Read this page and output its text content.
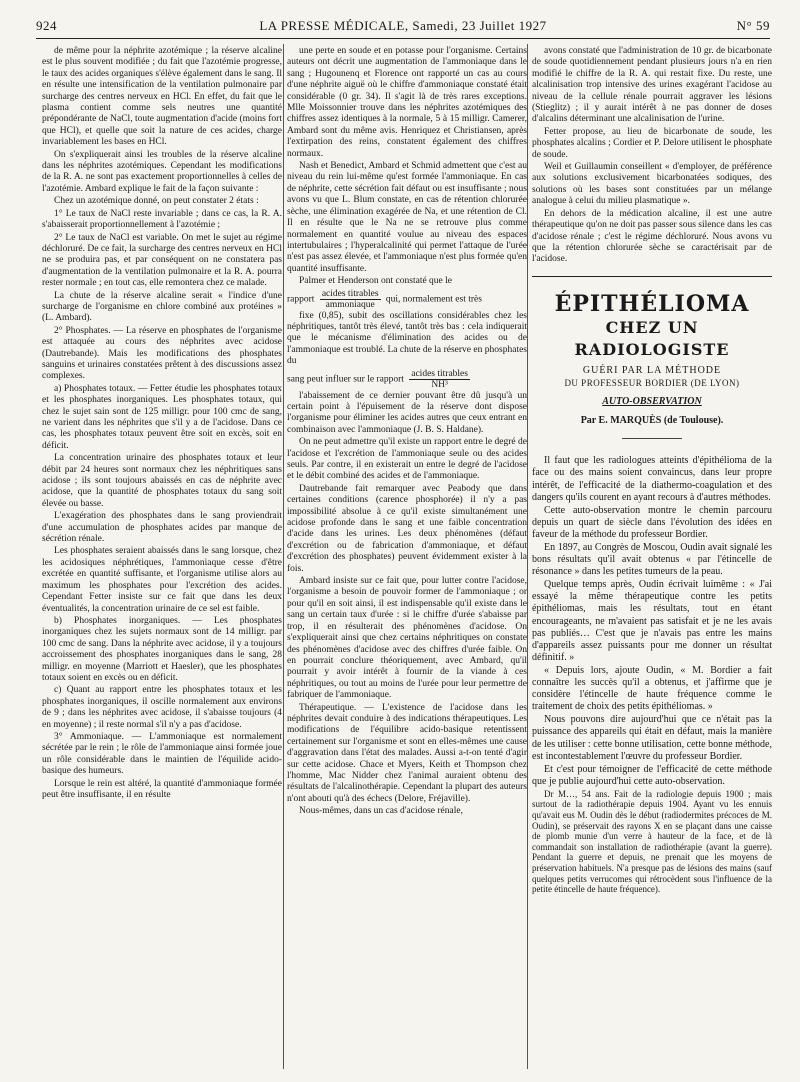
924	LA PRESSE MÉDICALE, Samedi, 23 Juillet 1927	N° 59

de même pour la néphrite azotémique ; la réserve alcaline est le plus souvent modifiée ; du fait que l'azotémie progresse, le taux des acides organiques s'élève également dans le sang. Il en résulte une intensification de la ventilation pulmonaire par surcharge des centres nerveux en HCl. En effet, du fait que le plasma contient comme sels neutres une quantité prépondérante de NaCl, toute augmentation d'acide (moins fort que HCl), et quelle que soit la nature de ces acides, charge invariablement les bases en HCl.

On s'expliquerait ainsi les troubles de la réserve alcaline dans les néphrites azotémiques. Cependant les modifications de la R. A. ne sont pas exactement proportionnelles à celles de l'azotémie. Ambard explique le fait de la façon suivante :

Chez un azotémique donné, on peut constater 2 états :

1° Le taux de NaCl reste invariable ; dans ce cas, la R. A. s'abaisserait proportionnellement à l'azotémie ;

2° Le taux de NaCl est variable. On met le sujet au régime déchloruré. De ce fait, la surcharge des centres nerveux en HCl ne se produira pas, et par conséquent on ne constatera pas d'augmentation de la ventilation pulmonaire et la R. A. pourra rester normale ; en tout cas, elle remontera chez ce malade.

La chute de la réserve alcaline serait « l'indice d'une surcharge de l'organisme en chlore combiné aux protéines » (L. Ambard).

2° Phosphates. — La réserve en phosphates de l'organisme est attaquée au cours des néphrites avec acidose (Dautrebande). Mais les modifications des phosphates sanguins et urinaires constatées prêtent à des discussions assez complexes.

a) Phosphates totaux. — Fetter étudie les phosphates totaux et les phosphates inorganiques. Les phosphates totaux, qui chez le sujet sain sont de 125 milligr. pour 100 cmc de sang, ne varient dans les néphrites que s'il y a de l'acidose. Dans ce cas, les phosphates totaux peuvent être soit en excès, soit en déficit.

La concentration urinaire des phosphates totaux et leur débit par 24 heures sont normaux chez les néphritiques sans acidose ; ils sont toujours abaissés en cas de néphrite avec acidose, que la quantité de phosphates totaux du sang soit élevée ou basse.

L'exagération des phosphates dans le sang proviendrait d'une accumulation de phosphates acides par manque de sécrétion rénale.

Les phosphates seraient abaissés dans le sang lorsque, chez les acidosiques néphrétiques, l'ammoniaque cesse d'être excrétée en quantité suffisante, et l'organisme utilise alors au maximum les phosphates pour l'excrétion des acides. Cependant Fetter insiste sur ce fait que dans les deux éventualités, la concentration urinaire de ce sel est faible.

b) Phosphates inorganiques. — Les phosphates inorganiques chez les sujets normaux sont de 14 milligr. par 100 cmc de sang. Dans la néphrite avec acidose, il y a toujours accroissement des phosphates inorganiques dans le sang, 28 milligr. en moyenne (Marriott et Haesler), que les phosphates totaux soient en excès ou en déficit.

c) Quant au rapport entre les phosphates totaux et les phosphates inorganiques, il oscille normalement aux environs de 9 ; dans les néphrites avec acidose, il s'abaisse toujours (4 en moyenne) ; il reste normal s'il n'y a pas d'acidose.

3° Ammoniaque. — L'ammoniaque est normalement sécrétée par le rein ; le rôle de l'ammoniaque ainsi formée joue un rôle considérable dans le maintien de l'équilide acido-basique des humeurs.

Lorsque le rein est altéré, la quantité d'ammoniaque formée peut être insuffisante, il en résulte

une perte en soude et en potasse pour l'organisme. Certains auteurs ont décrit une augmentation de l'ammoniaque dans le sang ; Hugounenq et Florence ont rapporté un cas au cours d'une néphrite aiguë où le chiffre d'ammoniaque constaté était considérable (0 gr. 34). Il s'agit là de très rares exceptions. Mlle Moissonnier trouve dans les néphrites azotémiques des chiffres assez identiques à la normale, 5 à 15 milligr. Camerer, Ambard sont du même avis. Henriquez et Christiansen, après l'extirpation des reins, constatent également des chiffres normaux.

Nash et Benedict, Ambard et Schmid admettent que c'est au niveau du rein lui-même qu'est formée l'ammoniaque. En cas de néphrite, cette sécrétion fait défaut ou est insuffisante ; nous avons vu que L. Blum constate, en cas de rétention chlorurée sèche, une élimination exagérée de Na, et une rétention de Cl. Il en résulte que le Na ne se retrouve plus comme normalement en quantité voulue au niveau des espaces intertubulaires ; l'hyperalcalinité qui permet l'attaque de l'urée n'est pas assez élevée, et l'ammoniaque n'est plus formée qu'en quantité insuffisante.

Palmer et Henderson ont constaté que le

rapport $\frac{\text{acides titrables}}{\text{ammoniaque}}$ qui, normalement est très

fixe (0,85), subit des oscillations considérables chez les néphritiques, tantôt très élevé, tantôt très bas : cela indiquerait que le mécanisme d'élimination des acides ou de l'ammoniaque est troublé. La chute de la réserve en phosphates du

sang peut influer sur le rapport $\frac{\text{acides titrables}}{\text{NH³}}$

l'abaissement de ce dernier pouvant être dû jusqu'à un certain point à l'épuisement de la réserve dont dispose l'organisme pour éliminer les acides autres que ceux entrant en combinaison avec l'ammoniaque (J. B. S. Haldane).

On ne peut admettre qu'il existe un rapport entre le degré de l'acidose et l'excrétion de l'ammoniaque seule ou des acides seuls. Par contre, il en existerait un entre le degré de l'acidose et le débit combiné des acides et de l'ammoniaque.

Dautrebande fait remarquer avec Peabody que dans certaines conditions (carence phosphorée) il n'y a pas impossibilité absolue à ce qu'il existe simultanément une acidose profonde dans le sang et une faible concentration d'acide dans les urines. Les deux phénomènes (défaut d'excrétion ou de fabrication d'ammoniaque, et défaut d'excrétion des phosphates) peuvent évidemment exister à la fois.

Ambard insiste sur ce fait que, pour lutter contre l'acidose, l'organisme a besoin de pouvoir former de l'ammoniaque ; or pour qu'il en soit ainsi, il est indispensable qu'il existe dans le sang un certain taux d'urée : si le chiffre d'urée s'abaisse par trop, il en résulterait des phénomènes d'acidose. On s'expliquerait ainsi que chez certains néphritiques on constate des phénomènes d'acidose avec des chiffres d'urée faible. On en pourrait conclure théoriquement, avec Ambard, qu'il pourrait y avoir intérêt à fournir de la viande à ces néphritiques, ou tout au moins de l'urée pour leur permettre de fabriquer de l'ammoniaque.

Thérapeutique. — L'existence de l'acidose dans les néphrites devait conduire à des indications thérapeutiques. Les modifications de l'équilibre acido-basique retentissent certainement sur l'organisme et sont en elles-mêmes une cause d'aggravation dans l'état des malades. Aussi a-t-on tenté d'agir sur cette acidose. Chace et Myers, Keith et Thompson chez l'homme, Mac Nidder chez l'animal auraient obtenu des résultats de l'alcalinothérapie. Cependant la plupart des auteurs n'ont abouti qu'à des échecs (Delore, Fréjaville).

Nous-mêmes, dans un cas d'acidose rénale,

avons constaté que l'administration de 10 gr. de bicarbonate de soude quotidiennement pendant plusieurs jours n'a en rien modifié le chiffre de la R. A. qui restait fixe. Du reste, une alcalinisation trop intensive des urines exagérant l'acidose au niveau de la cellule rénale pourrait aggraver les lésions (Stieglitz) ; il y aurait intérêt à ne pas donner de doses d'alcalins déterminant une alcalinisation de l'urine.

Fetter propose, au lieu de bicarbonate de soude, les phosphates alcalins ; Cordier et P. Delore utilisent le phosphate de soude.

Weil et Guillaumin conseillent « d'employer, de préférence aux solutions exclusivement bicarbonatées sodiques, des solutions où les bases sont constituées par un mélange analogue à celui du milieu plasmatique ».

En dehors de la médication alcaline, il est une autre thérapeutique qu'on ne doit pas passer sous silence dans les cas d'acidose rénale ; c'est le régime déchloruré. Nous avons vu que la rétention chlorurée sèche se caractérisait par de l'acidose.

ÉPITHÉLIOMA
CHEZ UN RADIOLOGISTE
GUÉRI PAR LA MÉTHODE
DU PROFESSEUR BORDIER (DE LYON)
AUTO-OBSERVATION
Par E. MARQUÈS (de Toulouse).

Il faut que les radiologues atteints d'épithélioma de la face ou des mains soient convaincus, dans leur propre intérêt, de l'efficacité de la diathermo-coagulation et des dangers qu'ils courent en ayant recours à d'autres méthodes.

Cette auto-observation montre le chemin parcouru depuis un quart de siècle dans l'évolution des idées en faveur de la méthode du professeur Bordier.

En 1897, au Congrès de Moscou, Oudin avait signalé les bons résultats qu'il avait obtenus « par l'étincelle de résonance » dans les petites tumeurs de la peau.

Quelque temps après, Oudin écrivait luimême : « J'ai essayé la même thérapeutique contre les petits épithéliomas, mais les résultats, tout en étant encourageants, ne m'avaient pas satisfait et je ne les avais pas publiés… C'est que je n'avais pas entre les mains d'appareils assez puissants pour me donner un résultat définitif. »

« Depuis lors, ajoute Oudin, « M. Bordier a fait connaître les succès qu'il a obtenus, et j'affirme que je considère l'étincelle de haute fréquence comme le traitement de choix des petits épithéliomas. »

Nous pouvons dire aujourd'hui que ce n'était pas la puissance des appareils qui était en défaut, mais la manière de les utiliser : cette bonne utilisation, cette bonne méthode, est incontestablement l'œuvre du professeur Bordier.

Et c'est pour témoigner de l'efficacité de cette méthode que je publie aujourd'hui cette auto-observation.

Dr M…, 54 ans. Fait de la radiologie depuis 1900 ; mais surtout de la radiothérapie depuis 1904. Ayant vu les ennuis qu'avait eus M. Oudin dès le début (radiodermites précoces de M. Oudin), se préservait des rayons X en se plaçant dans une caisse de plomb munie d'un verre à hauteur de la face, et de là commandait son installation de radiothérapie (avant la guerre). Pendant la guerre et depuis, ne prenait que les moyens de préservation habituels. N'a presque pas de lésions des mains (sauf quelques petits verrucomes qui rétrocèdent sous l'influence de la petite étincelle de haute fréquence).
